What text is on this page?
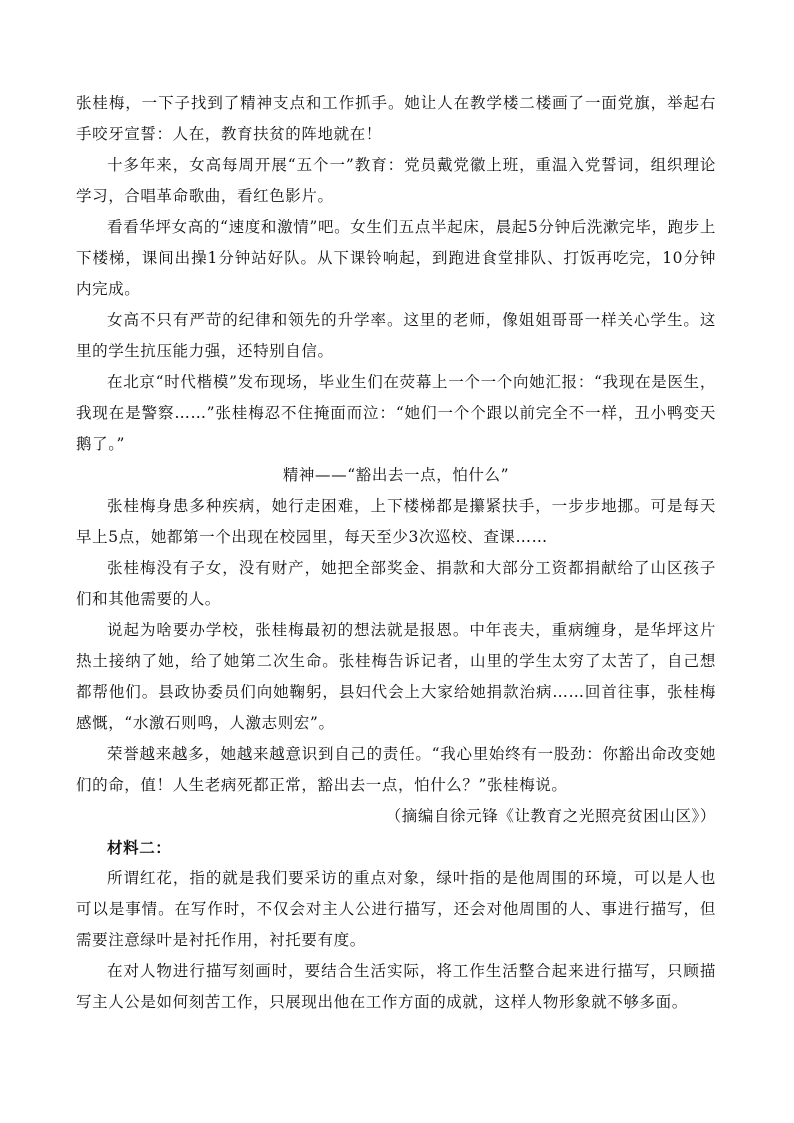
张桂梅，一下子找到了精神支点和工作抓手。她让人在教学楼二楼画了一面党旗，举起右手咬牙宣誓：人在，教育扶贫的阵地就在！

十多年来，女高每周开展“五个一”教育：党员戴党徽上班，重温入党誓词，组织理论学习，合唱革命歌曲，看红色影片。

看看华坪女高的“速度和激情”吧。女生们五点半起床，晨起5分钟后洗漱完毕，跑步上下楼梯，课间出操1分钟站好队。从下课铃响起，到跑进食堂排队、打饭再吃完，10分钟内完成。

女高不只有严苛的纪律和领先的升学率。这里的老师，像姐姐哥哥一样关心学生。这里的学生抗压能力强，还特别自信。

在北京“时代楷模”发布现场，毕业生们在荧幕上一个一个向她汇报：“我现在是医生，我现在是警察……”张桂梅忍不住掩面而泣：“她们一个个跟以前完全不一样，丑小鸭变天鹅了。”

精神——“豁出去一点，怕什么”

张桂梅身患多种疾病，她行走困难，上下楼梯都是攥紧扶手，一步步地挪。可是每天早上5点，她都第一个出现在校园里，每天至少3次巡校、查课……

张桂梅没有子女，没有财产，她把全部奖金、捐款和大部分工资都捐献给了山区孩子们和其他需要的人。

说起为啥要办学校，张桂梅最初的想法就是报恩。中年丧夫，重病缠身，是华坪这片热土接纳了她，给了她第二次生命。张桂梅告诉记者，山里的学生太穷了太苦了，自己想都帮他们。县政协委员们向她鞠躬，县妇代会上大家给她捐款治病……回首往事，张桂梅感慨，“水激石则鸣，人激志则宏”。

荣誉越来越多，她越来越意识到自己的责任。“我心里始终有一股劲：你豁出命改变她们的命，值！人生老病死都正常，豁出去一点，怕什么？”张桂梅说。

（摘编自徐元锋《让教育之光照亮贫困山区》）

材料二：

所谓红花，指的就是我们要采访的重点对象，绿叶指的是他周围的环境，可以是人也可以是事情。在写作时，不仅会对主人公进行描写，还会对他周围的人、事进行描写，但需要注意绿叶是衬托作用，衬托要有度。

在对人物进行描写刻画时，要结合生活实际，将工作生活整合起来进行描写，只顾描写主人公是如何刻苦工作，只展现出他在工作方面的成就，这样人物形象就不够多面。
